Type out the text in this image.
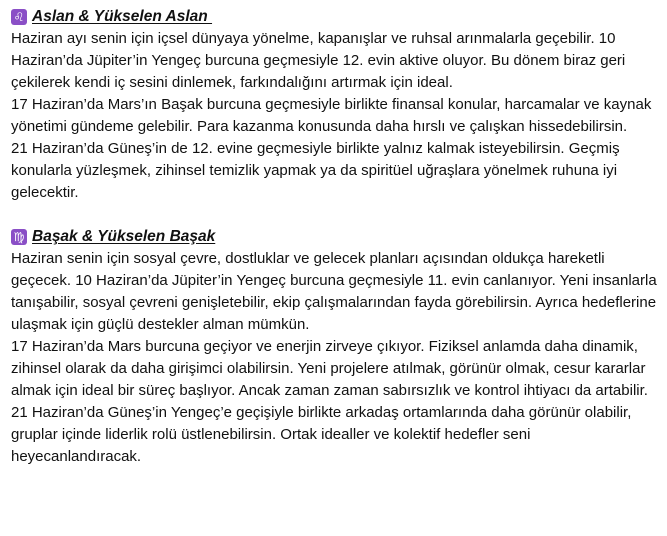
♌ Aslan & Yükselen Aslan

Haziran ayı senin için içsel dünyaya yönelme, kapanışlar ve ruhsal arınmalarla geçebilir. 10 Haziran’da Jüpiter’in Yengeç burcuna geçmesiyle 12. evin aktive oluyor. Bu dönem biraz geri çekilerek kendi iç sesini dinlemek, farkındalığını artırmak için ideal.

17 Haziran’da Mars’ın Başak burcuna geçmesiyle birlikte finansal konular, harcamalar ve kaynak yönetimi gündeme gelebilir. Para kazanma konusunda daha hırslı ve çalışkan hissedebilirsin.

21 Haziran’da Güneş’in de 12. evine geçmesiyle birlikte yalnız kalmak isteyebilirsin. Geçmiş konularla yüzleşmek, zihinsel temizlik yapmak ya da spiritüel uğraşlara yönelmek ruhuna iyi gelecektir.

♍ Başak & Yükselen Başak

Haziran senin için sosyal çevre, dostluklar ve gelecek planları açısından oldukça hareketli geçecek. 10 Haziran’da Jüpiter’in Yengeç burcuna geçmesiyle 11. evin canlanıyor. Yeni insanlarla tanışabilir, sosyal çevreni genişletebilir, ekip çalışmalarından fayda görebilirsin. Ayrıca hedeflerine ulaşmak için güçlü destekler alman mümkün.

17 Haziran’da Mars burcuna geçiyor ve enerjin zirveye çıkıyor. Fiziksel anlamda daha dinamik, zihinsel olarak da daha girişimci olabilirsin. Yeni projelere atılmak, görünür olmak, cesur kararlar almak için ideal bir süreç başlıyor. Ancak zaman zaman sabırsızlık ve kontrol ihtiyacı da artabilir.

21 Haziran’da Güneş’in Yengeç’e geçişiyle birlikte arkadaş ortamlarında daha görünür olabilir, gruplar içinde liderlik rolü üstlenebilirsin. Ortak idealler ve kolektif hedefler seni heyecanlandıracak.
